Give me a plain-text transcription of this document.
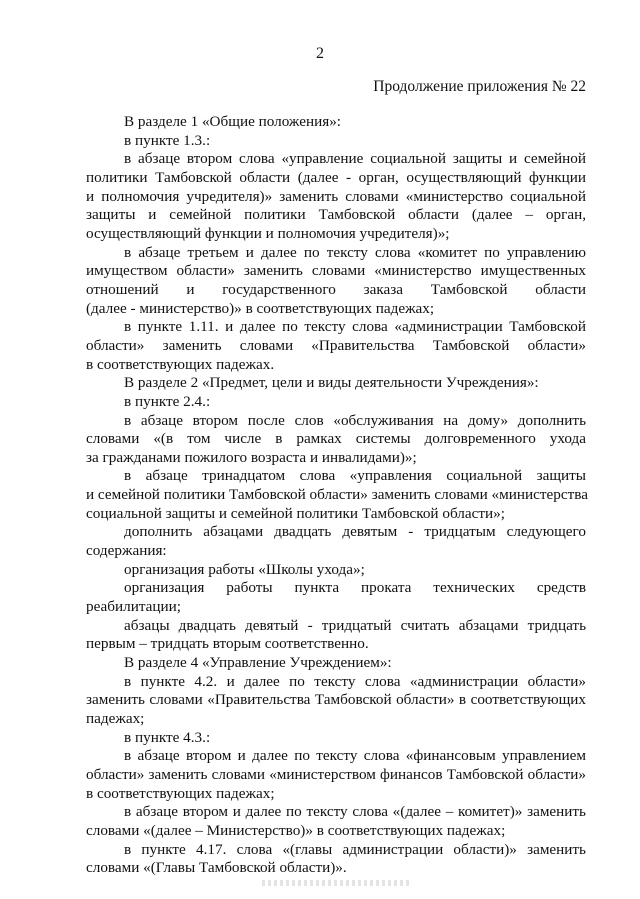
2
Продолжение приложения № 22
В разделе 1 «Общие положения»:
в пункте 1.3.:
в абзаце втором слова «управление социальной защиты и семейной
политики Тамбовской области (далее - орган, осуществляющий функции
и полномочия учредителя)» заменить словами «министерство социальной
защиты и семейной политики Тамбовской области (далее – орган,
осуществляющий функции и полномочия учредителя)»;
в абзаце третьем и далее по тексту слова «комитет по управлению
имуществом области» заменить словами «министерство имущественных
отношений и государственного заказа Тамбовской области
(далее - министерство)» в соответствующих падежах;
в пункте 1.11. и далее по тексту слова «администрации Тамбовской
области» заменить словами «Правительства Тамбовской области»
в соответствующих падежах.
В разделе 2 «Предмет, цели и виды деятельности Учреждения»:
в пункте 2.4.:
в абзаце втором после слов «обслуживания на дому» дополнить
словами «(в том числе в рамках системы долговременного ухода
за гражданами пожилого возраста и инвалидами)»;
в абзаце тринадцатом слова «управления социальной защиты
и семейной политики Тамбовской области» заменить словами «министерства
социальной защиты и семейной политики Тамбовской области»;
дополнить абзацами двадцать девятым - тридцатым следующего
содержания:
организация работы «Школы ухода»;
организация работы пункта проката технических средств
реабилитации;
абзацы двадцать девятый - тридцатый считать абзацами тридцать
первым – тридцать вторым соответственно.
В разделе 4 «Управление Учреждением»:
в пункте 4.2. и далее по тексту слова «администрации области»
заменить словами «Правительства Тамбовской области» в соответствующих
падежах;
в пункте 4.3.:
в абзаце втором и далее по тексту слова «финансовым управлением
области» заменить словами «министерством финансов Тамбовской области»
в соответствующих падежах;
в абзаце втором и далее по тексту слова «(далее – комитет)» заменить
словами «(далее – Министерство)» в соответствующих падежах;
в пункте 4.17. слова «(главы администрации области)» заменить
словами «(Главы Тамбовской области)».
